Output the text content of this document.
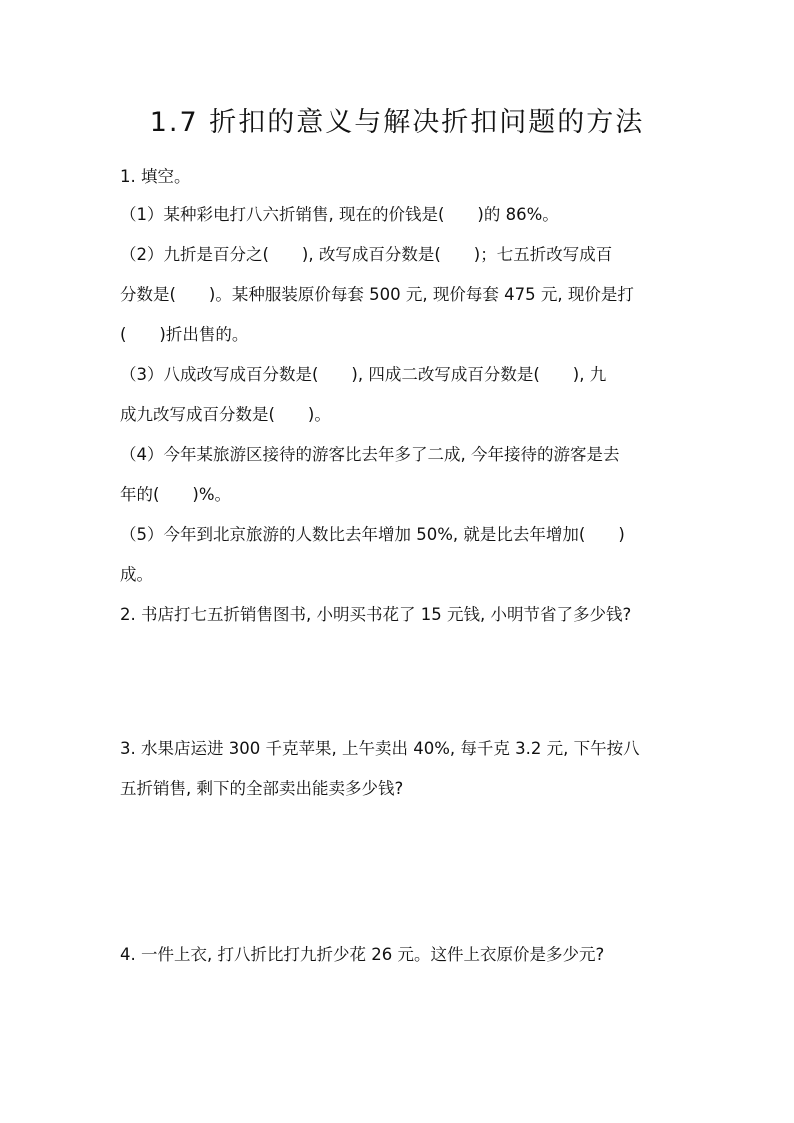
1.7 折扣的意义与解决折扣问题的方法
1. 填空。
（1）某种彩电打八六折销售, 现在的价钱是(　　)的 86%。
（2）九折是百分之(　　), 改写成百分数是(　　)；七五折改写成百
分数是(　　)。某种服装原价每套 500 元, 现价每套 475 元, 现价是打
(　　)折出售的。
（3）八成改写成百分数是(　　), 四成二改写成百分数是(　　), 九
成九改写成百分数是(　　)。
（4）今年某旅游区接待的游客比去年多了二成, 今年接待的游客是去
年的(　　)%。
（5）今年到北京旅游的人数比去年增加 50%, 就是比去年增加(　　)
成。
2. 书店打七五折销售图书, 小明买书花了 15 元钱, 小明节省了多少钱?
3. 水果店运进 300 千克苹果, 上午卖出 40%, 每千克 3.2 元, 下午按八
五折销售, 剩下的全部卖出能卖多少钱?
4. 一件上衣, 打八折比打九折少花 26 元。这件上衣原价是多少元?
